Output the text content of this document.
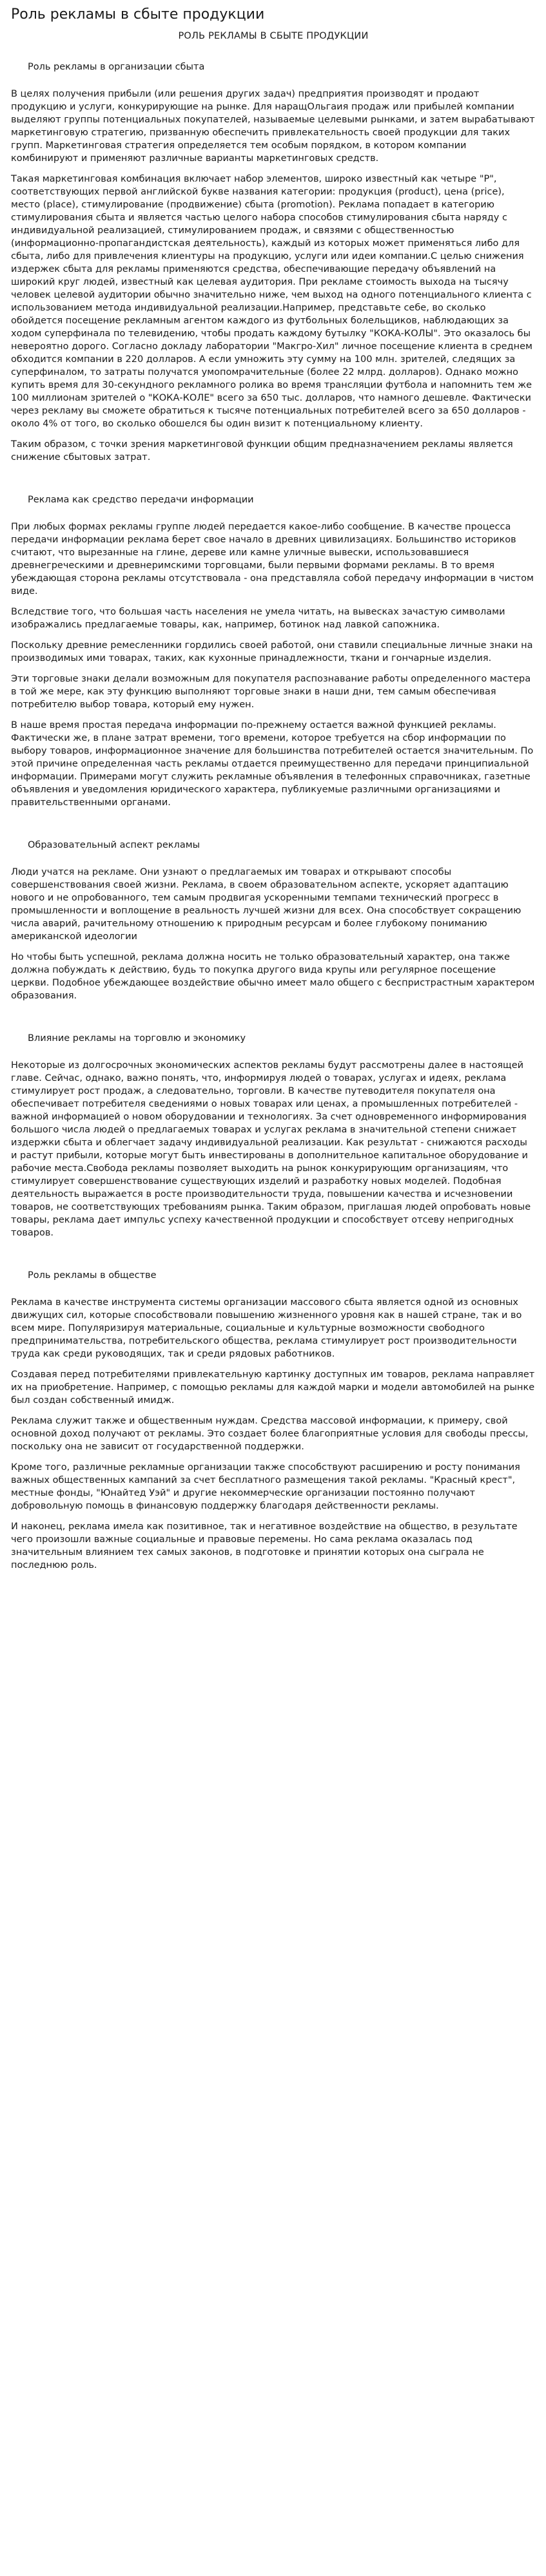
Роль рекламы в сбыте продукции
РОЛЬ РЕКЛАМЫ В СБЫТЕ ПРОДУКЦИИ
Роль рекламы в организации сбыта

В целях получения прибыли (или решения других задач) предприятия производят и продают продукцию и услуги, конкурирующие на рынке. Для наращОльгаия продаж или прибылей компании выделяют группы потенциальных покупателей, называемые целевыми рынками, и затем вырабатывают маркетинговую стратегию, призванную обеспечить привлекательность своей продукции для таких групп. Маркетинговая стратегия определяется тем особым порядком, в котором компании комбинируют и применяют различные варианты маркетинговых средств.

Такая маркетинговая комбинация включает набор элементов, широко известный как четыре "Р", соответствующих первой английской букве названия категории: продукция (product), цена (price), место (place), стимулирование (продвижение) сбыта (promotion). Реклама попадает в категорию стимулирования сбыта и является частью целого набора способов стимулирования сбыта наряду с индивидуальной реализацией, стимулированием продаж, и связями с общественностью (информационно-пропагандистская деятельность), каждый из которых может применяться либо для сбыта, либо для привлечения клиентуры на продукцию, услуги или идеи компании.С целью снижения издержек сбыта для рекламы применяются средства, обеспечивающие передачу объявлений на широкий круг людей, известный как целевая аудитория. При рекламе стоимость выхода на тысячу человек целевой аудитории обычно значительно ниже, чем выход на одного потенциального клиента с использованием метода индивидуальной реализации.Например, представьте себе, во сколько обойдется посещение рекламным агентом каждого из футбольных болельщиков, наблюдающих за ходом суперфинала по телевидению, чтобы продать каждому бутылку "КОКА-КОЛЫ". Это оказалось бы невероятно дорого. Согласно докладу лаборатории "Макгро-Хил" личное посещение клиента в среднем обходится компании в 220 долларов. А если умножить эту сумму на 100 млн. зрителей, следящих за суперфиналом, то затраты получатся умопомрачительные (более 22 млрд. долларов). Однако можно купить время для 30-секундного рекламного ролика во время трансляции футбола и напомнить тем же 100 миллионам зрителей о "КОКА-КОЛЕ" всего за 650 тыс. долларов, что намного дешевле. Фактически через рекламу вы сможете обратиться к тысяче потенциальных потребителей всего за 650 долларов - около 4% от того, во сколько обошелся бы один визит к потенциальному клиенту.

Таким образом, с точки зрения маркетинговой функции общим предназначением рекламы является снижение сбытовых затрат.

Реклама как средство передачи информации

При любых формах рекламы группе людей передается какое-либо сообщение. В качестве процесса передачи информации реклама берет свое начало в древних цивилизациях. Большинство историков считают, что вырезанные на глине, дереве или камне уличные вывески, использовавшиеся древнегреческими и древнеримскими торговцами, были первыми формами рекламы. В то время убеждающая сторона рекламы отсутствовала - она представляла собой передачу информации в чистом виде.

Вследствие того, что большая часть населения не умела читать, на вывесках зачастую символами изображались предлагаемые товары, как, например, ботинок над лавкой сапожника.

Поскольку древние ремесленники гордились своей работой, они ставили специальные личные знаки на производимых ими товарах, таких, как кухонные принадлежности, ткани и гончарные изделия.

Эти торговые знаки делали возможным для покупателя распознавание работы определенного мастера в той же мере, как эту функцию выполняют торговые знаки в наши дни, тем самым обеспечивая потребителю выбор товара, который ему нужен.

В наше время простая передача информации по-прежнему остается важной функцией рекламы. Фактически же, в плане затрат времени, того времени, которое требуется на сбор информации по выбору товаров, информационное значение для большинства потребителей остается значительным. По этой причине определенная часть рекламы отдается преимущественно для передачи принципиальной информации. Примерами могут служить рекламные объявления в телефонных справочниках, газетные объявления и уведомления юридического характера, публикуемые различными организациями и правительственными органами.

Образовательный аспект рекламы

Люди учатся на рекламе. Они узнают о предлагаемых им товарах и открывают способы совершенствования своей жизни. Реклама, в своем образовательном аспекте, ускоряет адаптацию нового и не опробованного, тем самым продвигая ускоренными темпами технический прогресс в промышленности и воплощение в реальность лучшей жизни для всех. Она способствует сокращению числа аварий, рачительному отношению к природным ресурсам и более глубокому пониманию американской идеологии

Но чтобы быть успешной, реклама должна носить не только образовательный характер, она также должна побуждать к действию, будь то покупка другого вида крупы или регулярное посещение церкви. Подобное убеждающее воздействие обычно имеет мало общего с беспристрастным характером образования.

Влияние рекламы на торговлю и экономику

Некоторые из долгосрочных экономических аспектов рекламы будут рассмотрены далее в настоящей главе. Сейчас, однако, важно понять, что, информируя людей о товарах, услугах и идеях, реклама стимулирует рост продаж, а следовательно, торговли. В качестве путеводителя покупателя она обеспечивает потребителя сведениями о новых товарах или ценах, а промышленных потребителей - важной информацией о новом оборудовании и технологиях. За счет одновременного информирования большого числа людей о предлагаемых товарах и услугах реклама в значительной степени снижает издержки сбыта и облегчает задачу индивидуальной реализации. Как результат - снижаются расходы и растут прибыли, которые могут быть инвестированы в дополнительное капитальное оборудование и рабочие места.Свобода рекламы позволяет выходить на рынок конкурирующим организациям, что стимулирует совершенствование существующих изделий и разработку новых моделей. Подобная деятельность выражается в росте производительности труда, повышении качества и исчезновении товаров, не соответствующих требованиям рынка. Таким образом, приглашая людей опробовать новые товары, реклама дает импульс успеху качественной продукции и способствует отсеву непригодных товаров.

Роль рекламы в обществе

Реклама в качестве инструмента системы организации массового сбыта является одной из основных движущих сил, которые способствовали повышению жизненного уровня как в нашей стране, так и во всем мире. Популяризируя материальные, социальные и культурные возможности свободного предпринимательства, потребительского общества, реклама стимулирует рост производительности труда как среди руководящих, так и среди рядовых работников.

Создавая перед потребителями привлекательную картинку доступных им товаров, реклама направляет их на приобретение. Например, с помощью рекламы для каждой марки и модели автомобилей на рынке был создан собственный имидж.

Реклама служит также и общественным нуждам. Средства массовой информации, к примеру, свой основной доход получают от рекламы. Это создает более благоприятные условия для свободы прессы, поскольку она не зависит от государственной поддержки.

Кроме того, различные рекламные организации также способствуют расширению и росту понимания важных общественных кампаний за счет бесплатного размещения такой рекламы. "Красный крест", местные фонды, "Юнайтед Уэй" и другие некоммерческие организации постоянно получают добровольную помощь в финансовую поддержку благодаря действенности рекламы.

И наконец, реклама имела как позитивное, так и негативное воздействие на общество, в результате чего произошли важные социальные и правовые перемены. Но сама реклама оказалась под значительным влиянием тех самых законов, в подготовке и принятии которых она сыграла не последнюю роль.
